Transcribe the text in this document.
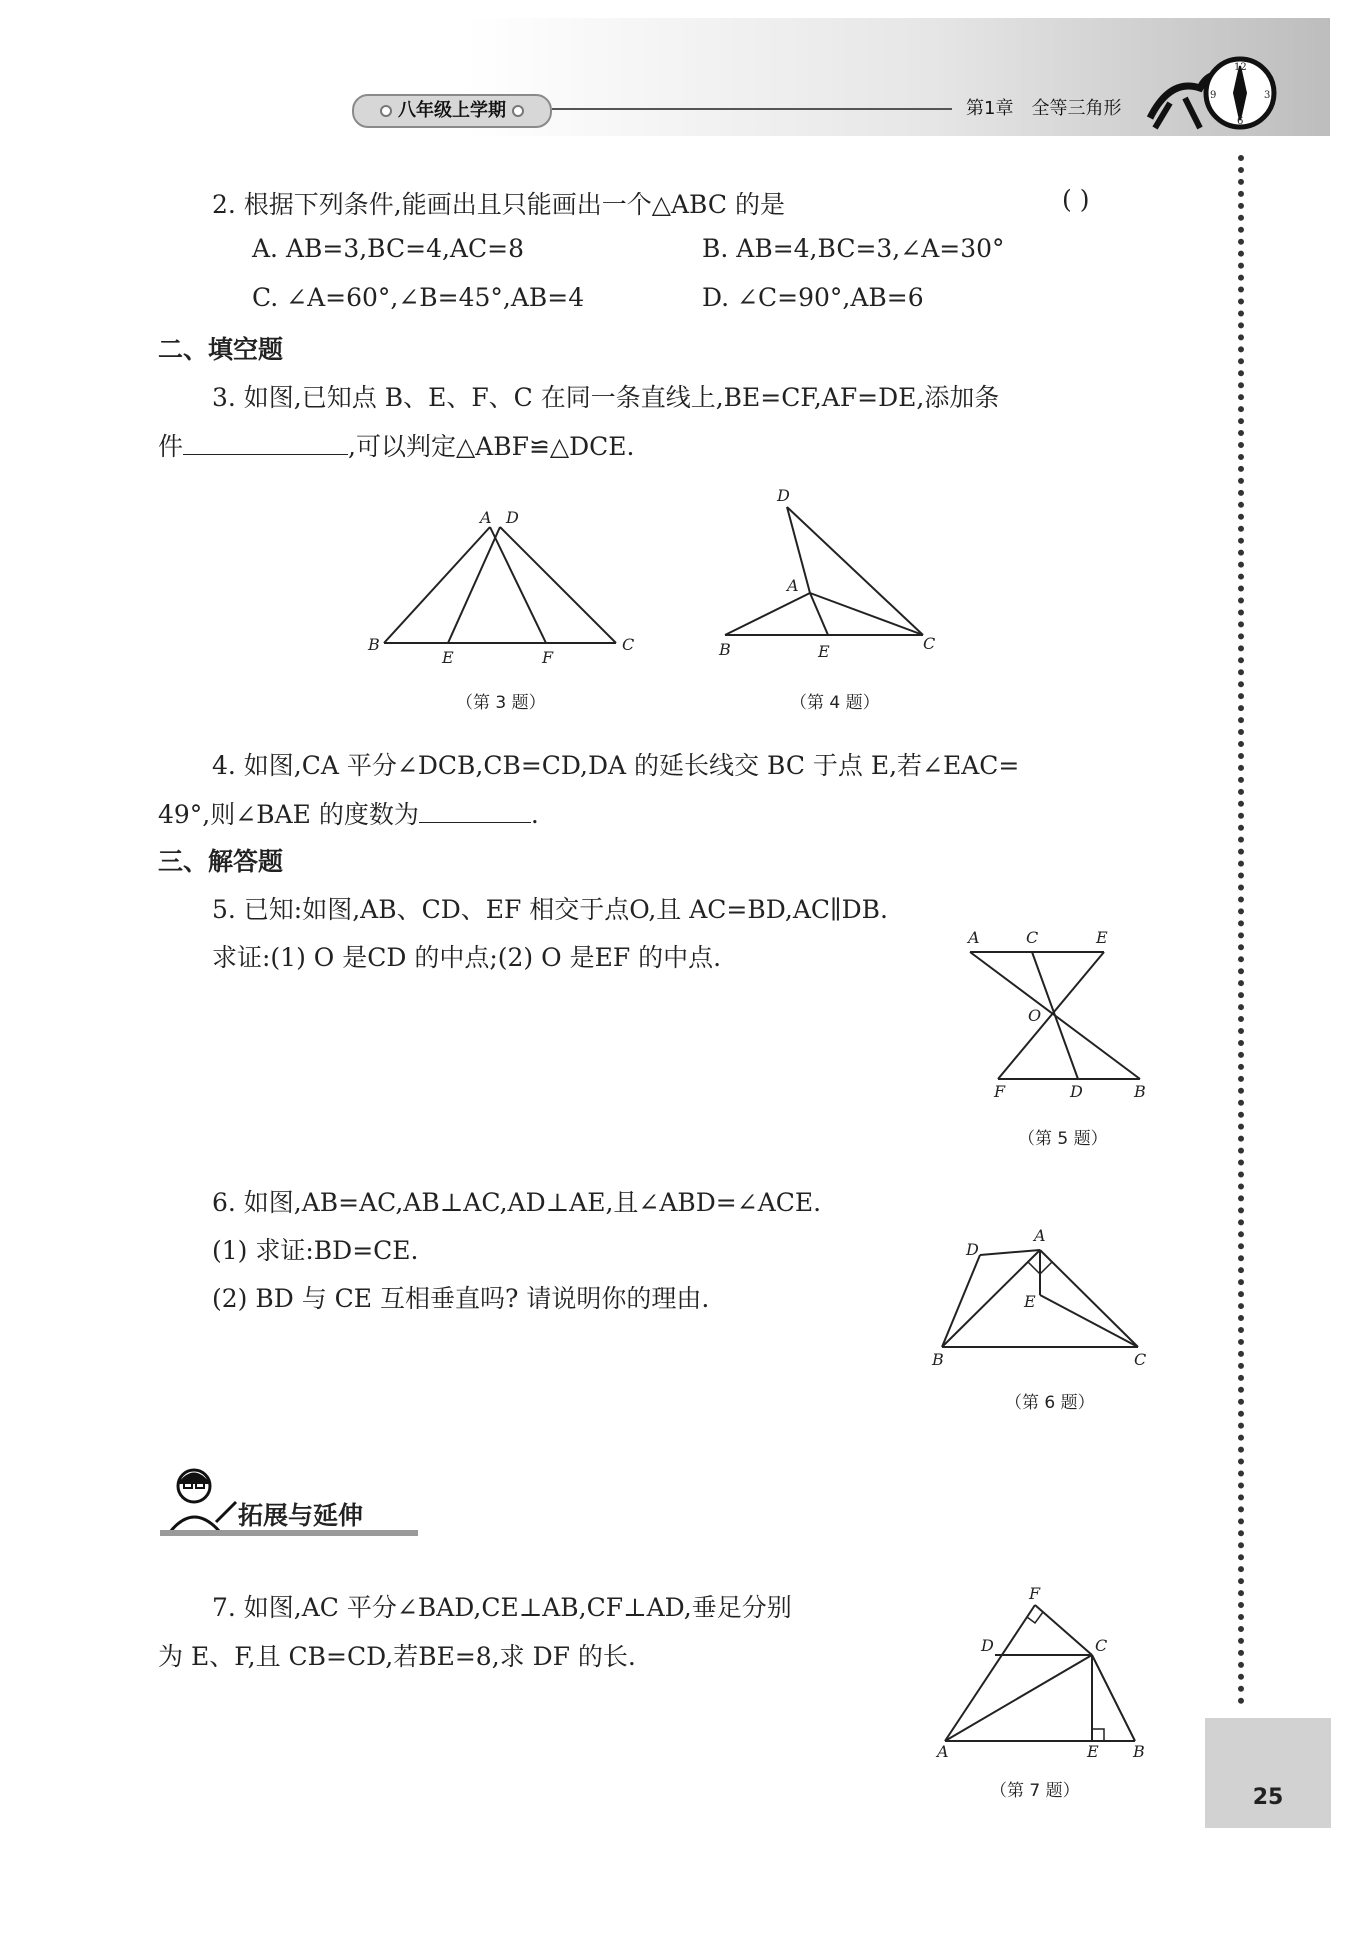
八年级上学期	第1章 全等三角形
12
3
6
9
25
2. 根据下列条件,能画出且只能画出一个△ABC 的是	( )
A. AB=3,BC=4,AC=8	B. AB=4,BC=3,∠A=30°
C. ∠A=60°,∠B=45°,AB=4	D. ∠C=90°,AB=6
二、填空题
3. 如图,已知点 B、E、F、C 在同一条直线上,BE=CF,AF=DE,添加条
件	,可以判定△ABF≌△DCE.
A D
B
E	F
C
（第 3 题）
D
A
B	E	C
（第 4 题）
4. 如图,CA 平分∠DCB,CB=CD,DA 的延长线交 BC 于点 E,若∠EAC=
49°,则∠BAE 的度数为	.
三、解答题
5. 已知:如图,AB、CD、EF 相交于点O,且 AC=BD,AC∥DB.
求证:(1) O 是CD 的中点;(2) O 是EF 的中点.
A	C	E
O
F	D	B
（第 5 题）
6. 如图,AB=AC,AB⊥AC,AD⊥AE,且∠ABD=∠ACE.
(1) 求证:BD=CE.
(2) BD 与 CE 互相垂直吗? 请说明你的理由.
D
A
E
B	C
（第 6 题）
拓展与延伸
7. 如图,AC 平分∠BAD,CE⊥AB,CF⊥AD,垂足分别
为 E、F,且 CB=CD,若BE=8,求 DF 的长.
F
D	C
A	E B
（第 7 题）
